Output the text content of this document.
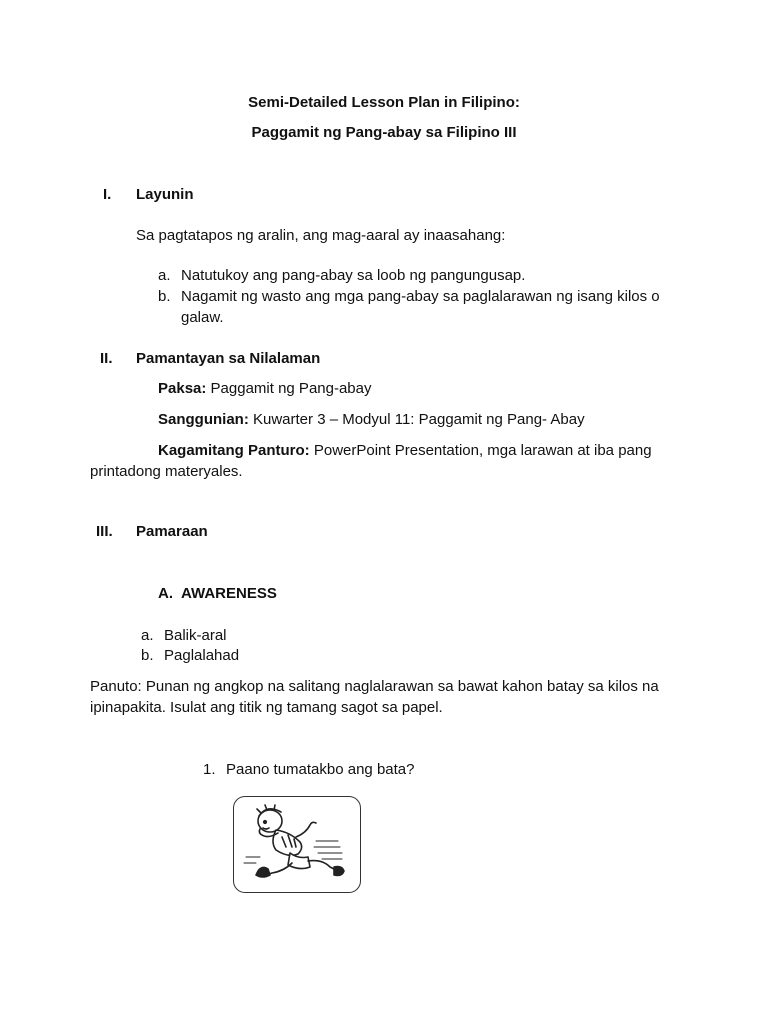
Semi-Detailed Lesson Plan in Filipino:
Paggamit ng Pang-abay sa Filipino III
I. Layunin
Sa pagtatapos ng aralin, ang mag-aaral ay inaasahang:
a. Natutukoy ang pang-abay sa loob ng pangungusap.
b. Nagamit ng wasto ang mga pang-abay sa paglalarawan ng isang kilos o
galaw.
II. Pamantayan sa Nilalaman
Paksa: Paggamit ng Pang-abay
Sanggunian: Kuwarter 3 – Modyul 11: Paggamit ng Pang- Abay
Kagamitang Panturo: PowerPoint Presentation, mga larawan at iba pang
printadong materyales.
III. Pamaraan
A. AWARENESS
a. Balik-aral
b. Paglalahad
Panuto: Punan ng angkop na salitang naglalarawan sa bawat kahon batay sa kilos na
ipinapakita. Isulat ang titik ng tamang sagot sa papel.
1. Paano tumatakbo ang bata?
